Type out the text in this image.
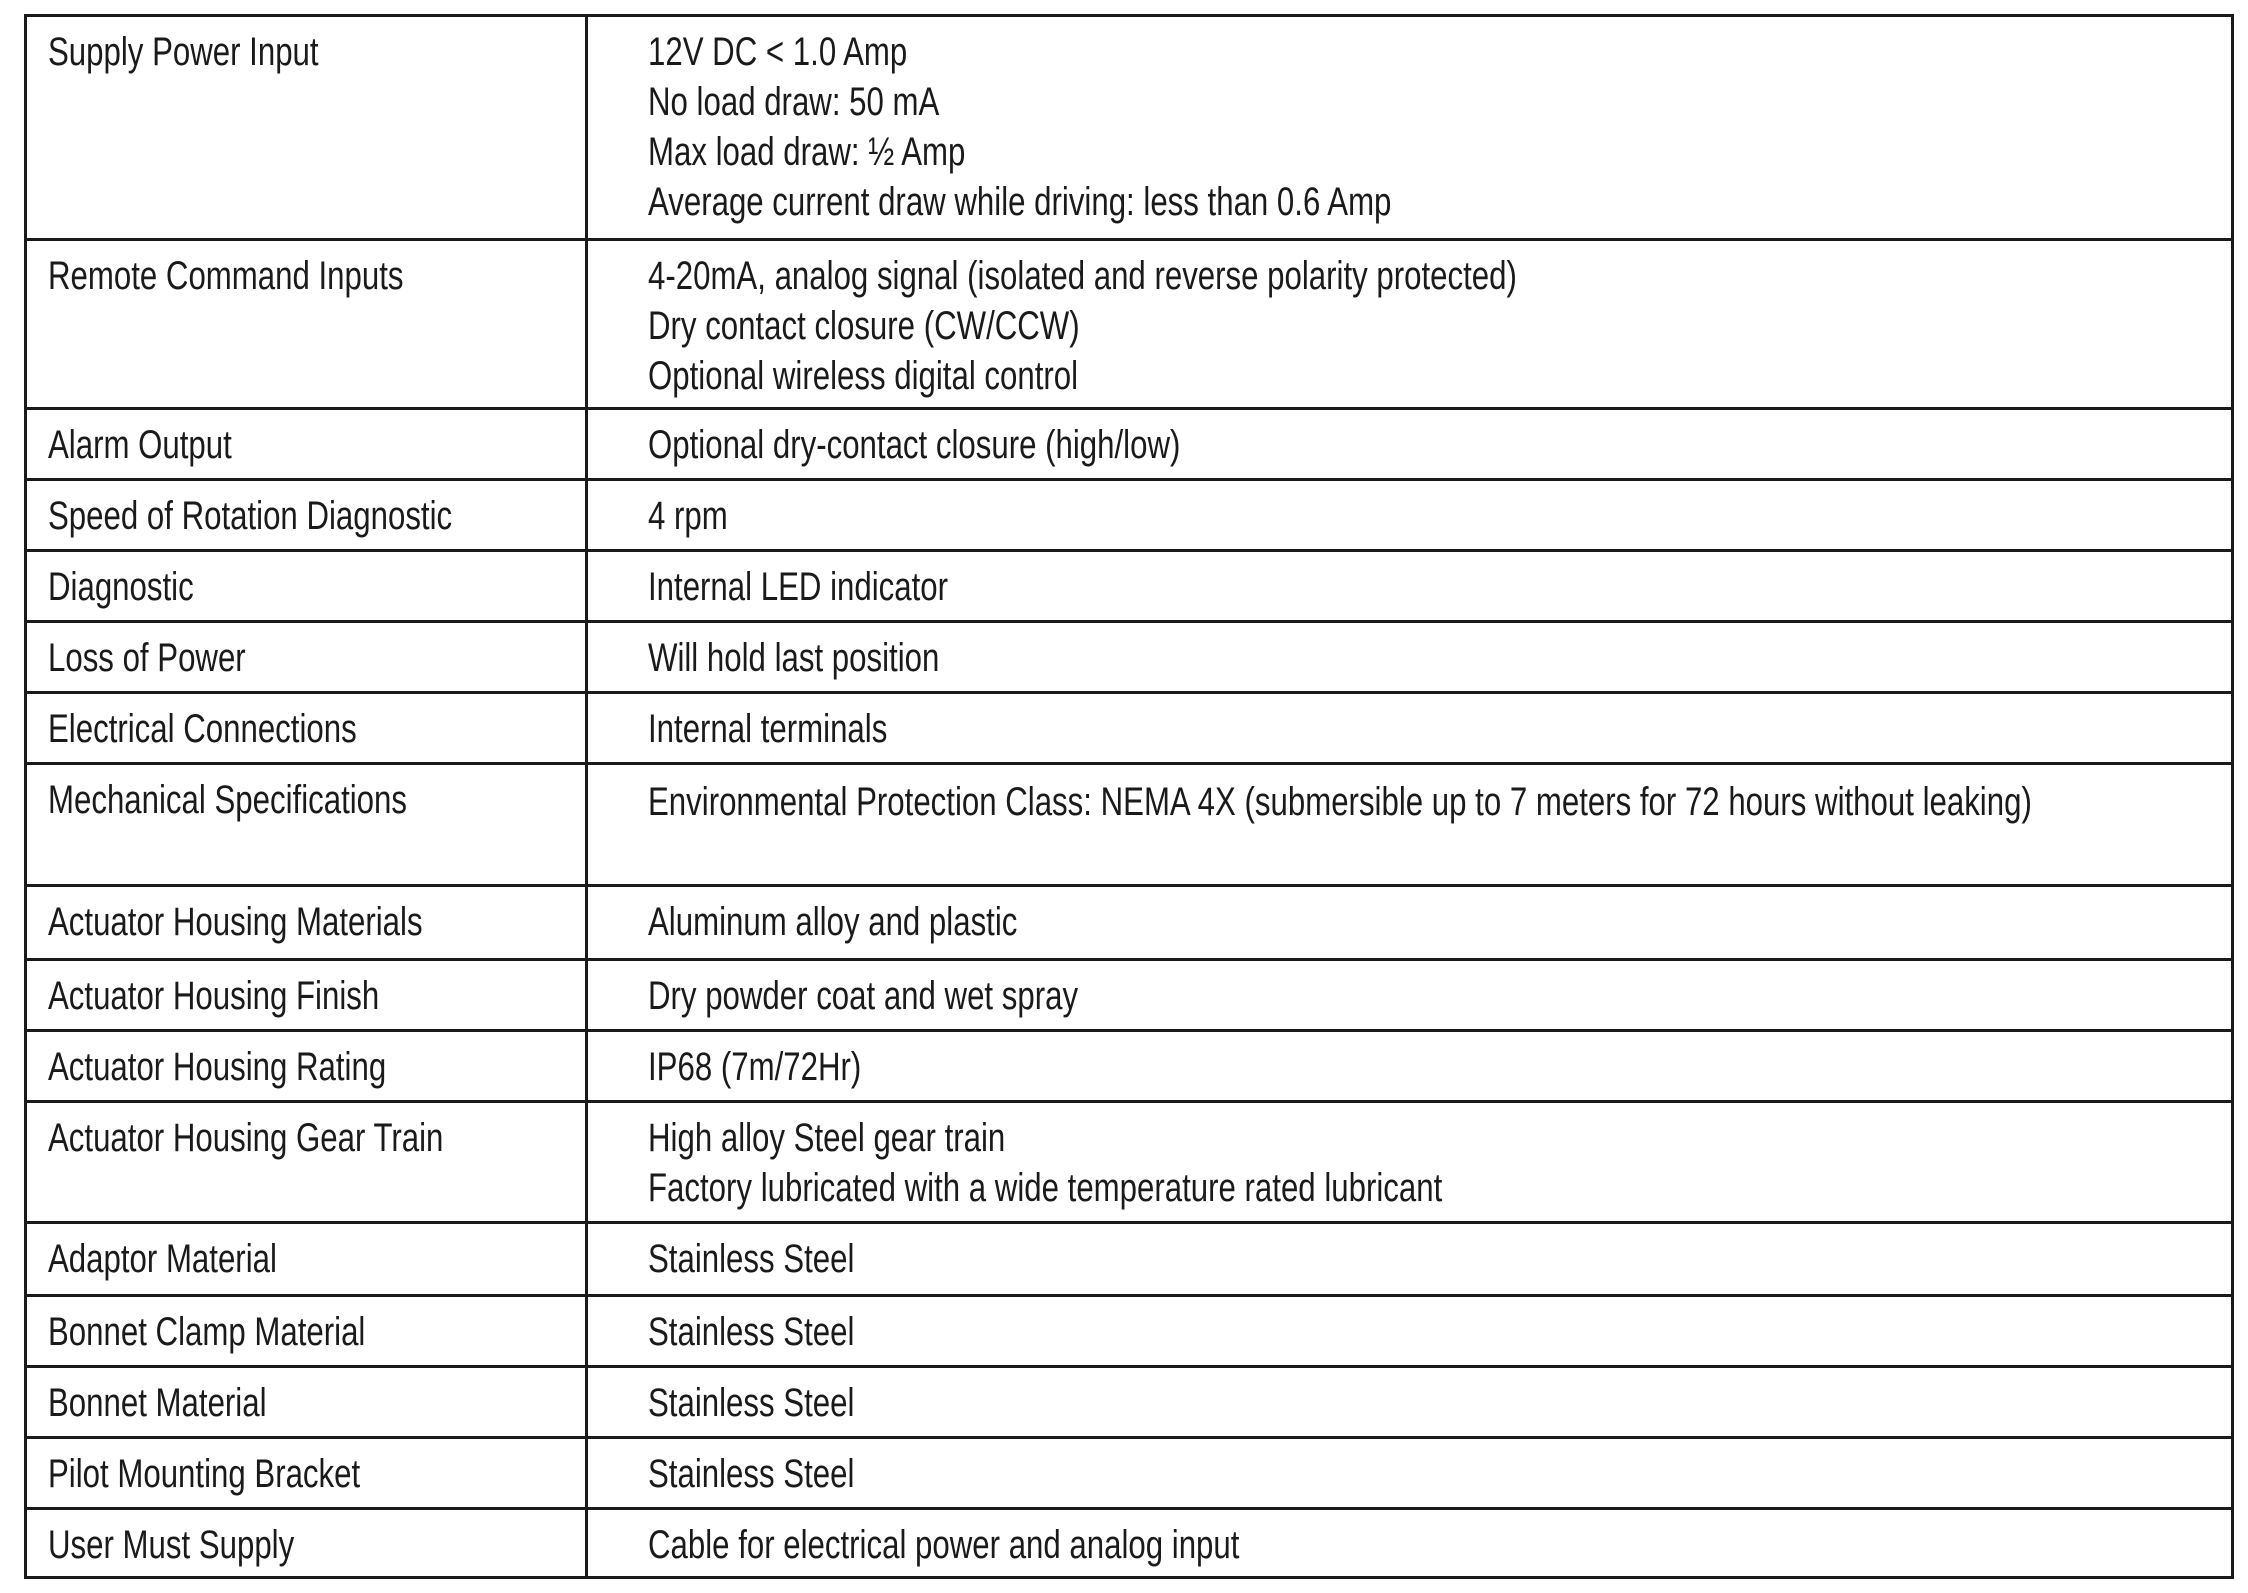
Supply Power Input	12V DC < 1.0 Amp
No load draw: 50 mA
Max load draw: ½ Amp
Average current draw while driving: less than 0.6 Amp

Remote Command Inputs	4-20mA, analog signal (isolated and reverse polarity protected)
Dry contact closure (CW/CCW)
Optional wireless digital control

Alarm Output	Optional dry-contact closure (high/low)

Speed of Rotation Diagnostic	4 rpm

Diagnostic	Internal LED indicator

Loss of Power	Will hold last position

Electrical Connections	Internal terminals

Mechanical Specifications	Environmental Protection Class: NEMA 4X (submersible up to 7 meters for 72 hours without leaking)

Actuator Housing Materials	Aluminum alloy and plastic

Actuator Housing Finish	Dry powder coat and wet spray

Actuator Housing Rating	IP68 (7m/72Hr)

Actuator Housing Gear Train	High alloy Steel gear train
Factory lubricated with a wide temperature rated lubricant

Adaptor Material	Stainless Steel

Bonnet Clamp Material	Stainless Steel

Bonnet Material	Stainless Steel

Pilot Mounting Bracket	Stainless Steel

User Must Supply	Cable for electrical power and analog input
